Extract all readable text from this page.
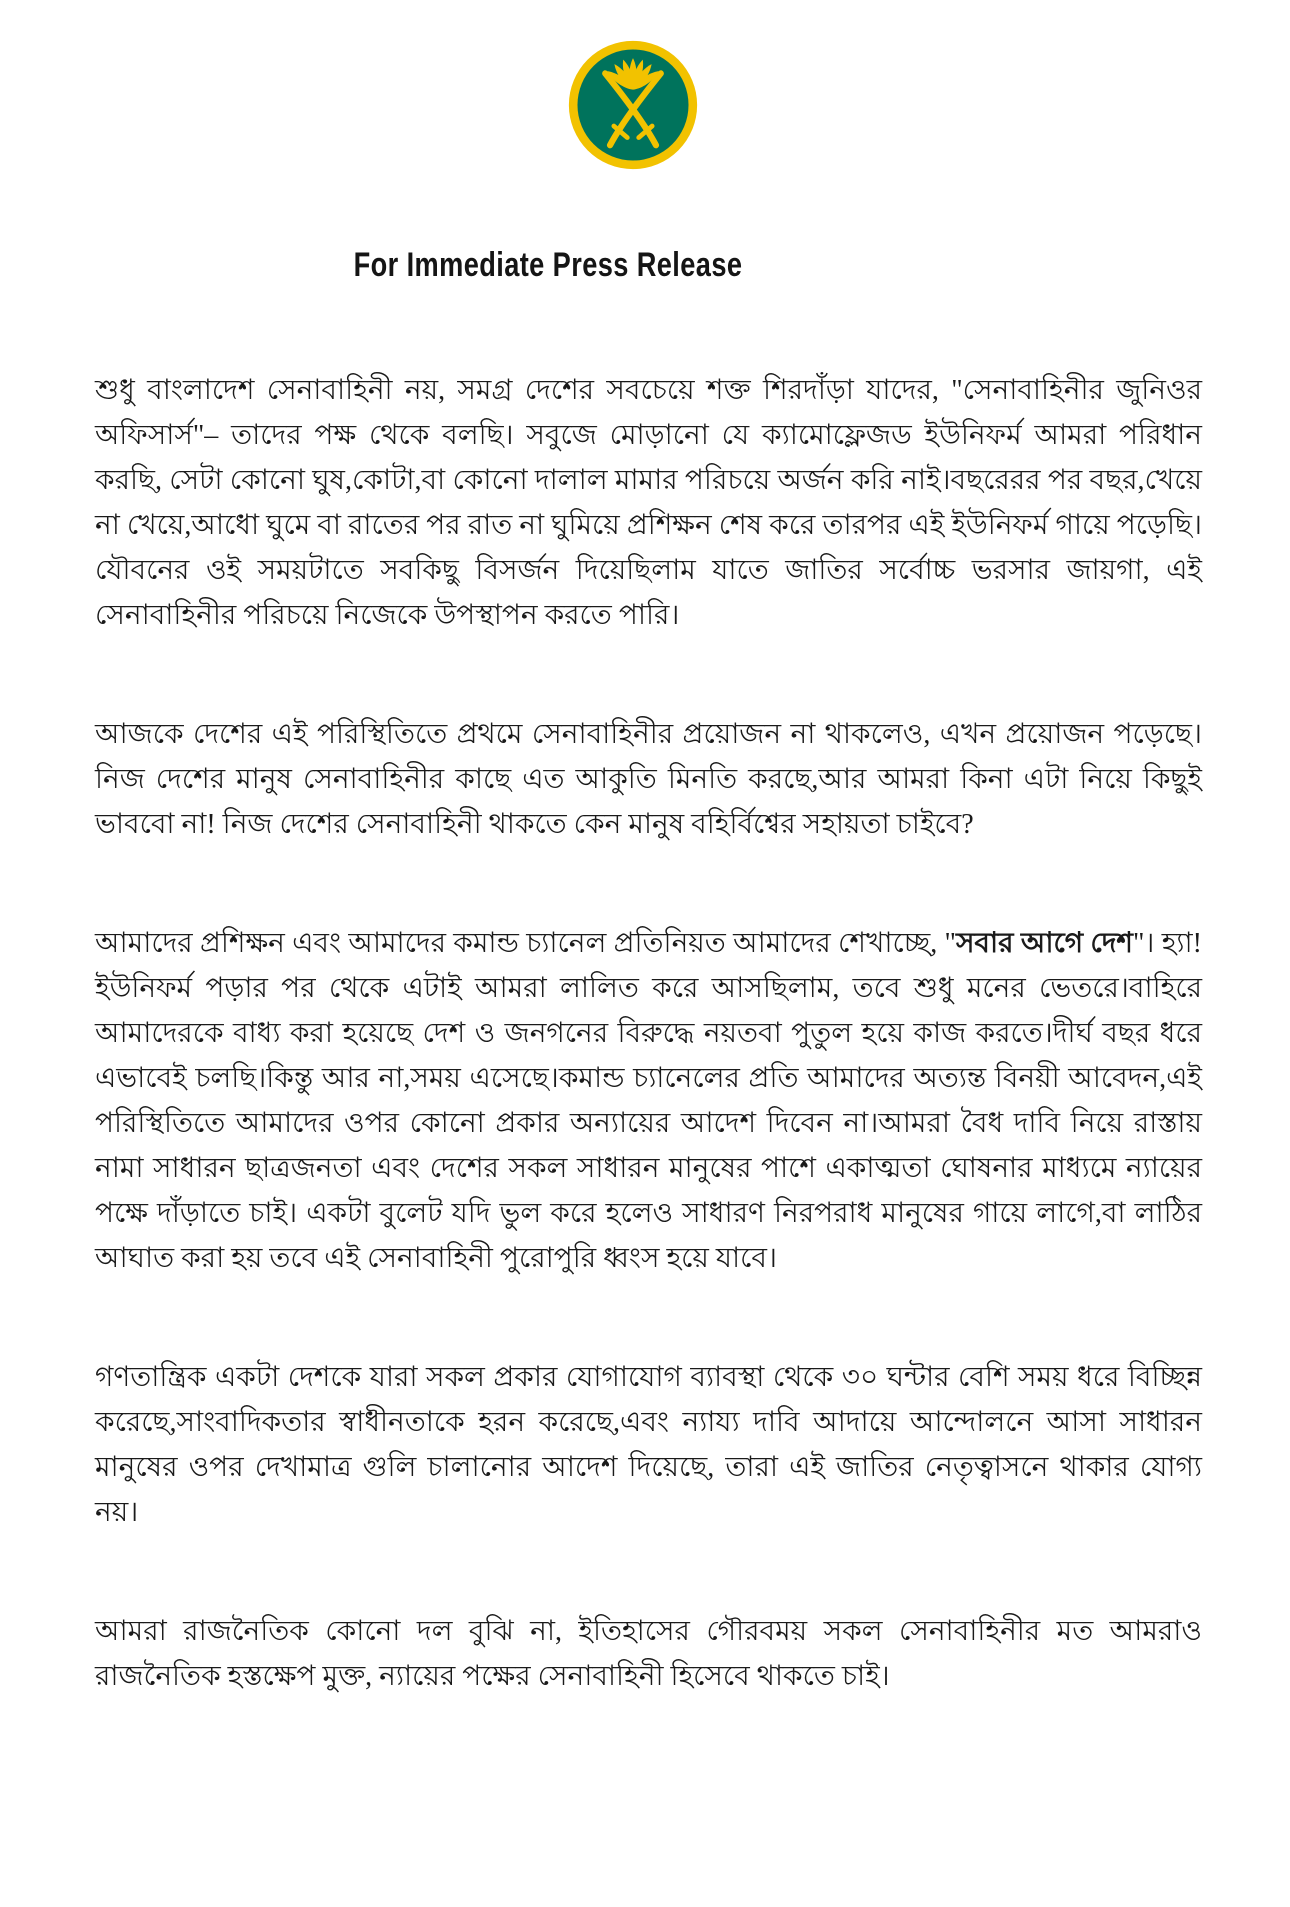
For Immediate Press Release

শুধু বাংলাদেশ সেনাবাহিনী নয়, সমগ্র দেশের সবচেয়ে শক্ত শিরদাঁড়া যাদের, "সেনাবাহিনীর জুনিওর অফিসার্স"– তাদের পক্ষ থেকে বলছি। সবুজে মোড়ানো যে ক্যামোফ্লেজড ইউনিফর্ম আমরা পরিধান করছি, সেটা কোনো ঘুষ,কোটা,বা কোনো দালাল মামার পরিচয়ে অর্জন করি নাই।বছরেরর পর বছর,খেয়ে না খেয়ে,আধো ঘুমে বা রাতের পর রাত না ঘুমিয়ে প্রশিক্ষন শেষ করে তারপর এই ইউনিফর্ম গায়ে পড়েছি।যৌবনের ওই সময়টাতে সবকিছু বিসর্জন দিয়েছিলাম যাতে জাতির সর্বোচ্চ ভরসার জায়গা, এই সেনাবাহিনীর পরিচয়ে নিজেকে উপস্থাপন করতে পারি।

আজকে দেশের এই পরিস্থিতিতে প্রথমে সেনাবাহিনীর প্রয়োজন না থাকলেও, এখন প্রয়োজন পড়েছে।নিজ দেশের মানুষ সেনাবাহিনীর কাছে এত আকুতি মিনতি করছে,আর আমরা কিনা এটা নিয়ে কিছুই ভাববো না! নিজ দেশের সেনাবাহিনী থাকতে কেন মানুষ বহির্বিশ্বের সহায়তা চাইবে?

আমাদের প্রশিক্ষন এবং আমাদের কমান্ড চ্যানেল প্রতিনিয়ত আমাদের শেখাচ্ছে, "সবার আগে দেশ"। হ্যা!ইউনিফর্ম পড়ার পর থেকে এটাই আমরা লালিত করে আসছিলাম, তবে শুধু মনের ভেতরে।বাহিরে আমাদেরকে বাধ্য করা হয়েছে দেশ ও জনগনের বিরুদ্ধে নয়তবা পুতুল হয়ে কাজ করতে।দীর্ঘ বছর ধরে এভাবেই চলছি।কিন্তু আর না,সময় এসেছে।কমান্ড চ্যানেলের প্রতি আমাদের অত্যন্ত বিনয়ী আবেদন,এই পরিস্থিতিতে আমাদের ওপর কোনো প্রকার অন্যায়ের আদেশ দিবেন না।আমরা বৈধ দাবি নিয়ে রাস্তায় নামা সাধারন ছাত্রজনতা এবং দেশের সকল সাধারন মানুষের পাশে একাত্মতা ঘোষনার মাধ্যমে ন্যায়ের পক্ষে দাঁড়াতে চাই। একটা বুলেট যদি ভুল করে হলেও সাধারণ নিরপরাধ মানুষের গায়ে লাগে,বা লাঠির আঘাত করা হয় তবে এই সেনাবাহিনী পুরোপুরি ধ্বংস হয়ে যাবে।

গণতান্ত্রিক একটা দেশকে যারা সকল প্রকার যোগাযোগ ব্যাবস্থা থেকে ৩০ ঘন্টার বেশি সময় ধরে বিচ্ছিন্ন করেছে,সাংবাদিকতার স্বাধীনতাকে হরন করেছে,এবং ন্যায্য দাবি আদায়ে আন্দোলনে আসা সাধারন মানুষের ওপর দেখামাত্র গুলি চালানোর আদেশ দিয়েছে, তারা এই জাতির নেতৃত্বাসনে থাকার যোগ্য নয়।

আমরা রাজনৈতিক কোনো দল বুঝি না, ইতিহাসের গৌরবময় সকল সেনাবাহিনীর মত আমরাও রাজনৈতিক হস্তক্ষেপ মুক্ত, ন্যায়ের পক্ষের সেনাবাহিনী হিসেবে থাকতে চাই।
